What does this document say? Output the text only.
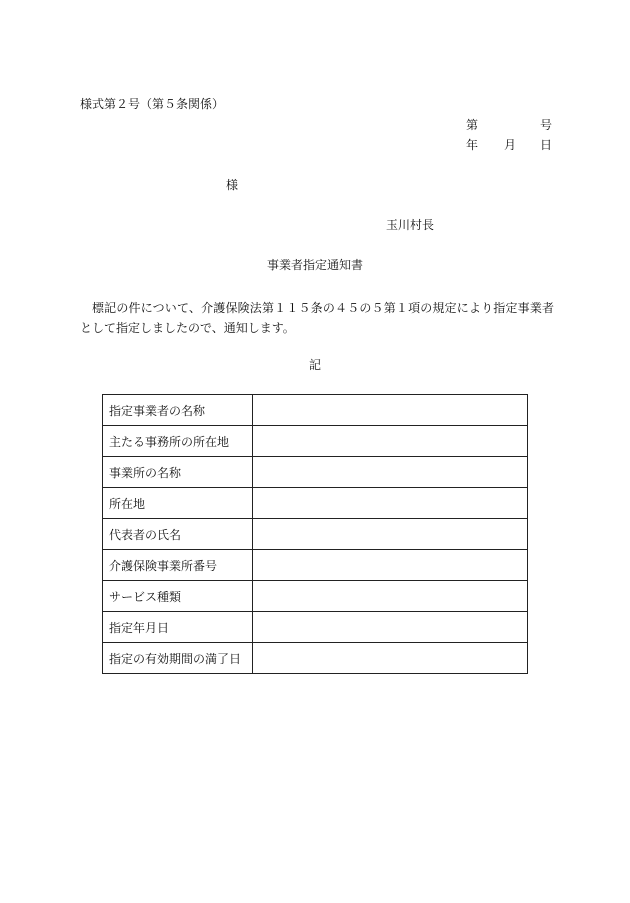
様式第２号（第５条関係）
第	号
年 月 日
様
玉川村長
事業者指定通知書
標記の件について、介護保険法第１１５条の４５の５第１項の規定により指定事業者として指定しましたので、通知します。
記
指定事業者の名称	
主たる事務所の所在地	
事業所の名称	
所在地	
代表者の氏名	
介護保険事業所番号	
サービス種類	
指定年月日	
指定の有効期間の満了日	
